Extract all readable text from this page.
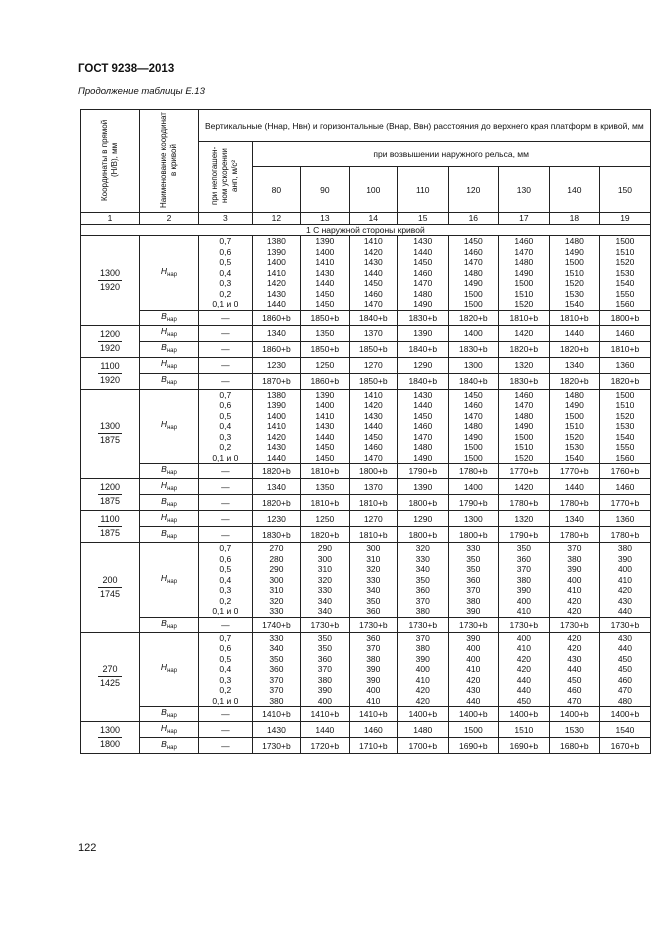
ГОСТ 9238—2013
Продолжение таблицы Е.13
Координаты в прямой (H/B), мм	Наименование координат в кривой	Вертикальные (Hнар, Hвн) и горизонтальные (Bнар, Bвн) расстояния до верхнего края платформ в кривой, мм								
		при непогашен-ном ускорении aнп, м/с²	при возвышении наружного рельса, мм							
			80	90	100	110	120	130	140	150
1	2	3	12	13	14	15	16	17	18	19
1 С наружной стороны кривой										

$\frac{1300}{1920}$	$H_{нар}$	0,7	1380	1390	1410	1430	1450	1460	1480	1500
		0,6	1390	1400	1420	1440	1460	1470	1490	1510
		0,5	1400	1410	1430	1450	1470	1480	1500	1520
		0,4	1410	1430	1440	1460	1480	1490	1510	1530
		0,3	1420	1440	1450	1470	1490	1500	1520	1540
		0,2	1430	1450	1460	1480	1500	1510	1530	1550
		0,1 и 0	1440	1450	1470	1490	1500	1520	1540	1560
	$B_{нар}$	—	1860+b	1850+b	1840+b	1830+b	1820+b	1810+b	1810+b	1800+b

$\frac{1200}{1920}$	$H_{нар}$	—	1340	1350	1370	1390	1400	1420	1440	1460
	$B_{нар}$	—	1860+b	1850+b	1850+b	1840+b	1830+b	1820+b	1820+b	1810+b

$\frac{1100}{1920}$	$H_{нар}$	—	1230	1250	1270	1290	1300	1320	1340	1360
	$B_{нар}$	—	1870+b	1860+b	1850+b	1840+b	1840+b	1830+b	1820+b	1820+b

$\frac{1300}{1875}$	$H_{нар}$	0,7	1380	1390	1410	1430	1450	1460	1480	1500
		0,6	1390	1400	1420	1440	1460	1470	1490	1510
		0,5	1400	1410	1430	1450	1470	1480	1500	1520
		0,4	1410	1430	1440	1460	1480	1490	1510	1530
		0,3	1420	1440	1450	1470	1490	1500	1520	1540
		0,2	1430	1450	1460	1480	1500	1510	1530	1550
		0,1 и 0	1440	1450	1470	1490	1500	1520	1540	1560
	$B_{нар}$	—	1820+b	1810+b	1800+b	1790+b	1780+b	1770+b	1770+b	1760+b

$\frac{1200}{1875}$	$H_{нар}$	—	1340	1350	1370	1390	1400	1420	1440	1460
	$B_{нар}$	—	1820+b	1810+b	1810+b	1800+b	1790+b	1780+b	1780+b	1770+b

$\frac{1100}{1875}$	$H_{нар}$	—	1230	1250	1270	1290	1300	1320	1340	1360
	$B_{нар}$	—	1830+b	1820+b	1810+b	1800+b	1800+b	1790+b	1780+b	1780+b

$\frac{200}{1745}$	$H_{нар}$	0,7	270	290	300	320	330	350	370	380
		0,6	280	300	310	330	350	360	380	390
		0,5	290	310	320	340	350	370	390	400
		0,4	300	320	330	350	360	380	400	410
		0,3	310	330	340	360	370	390	410	420
		0,2	320	340	350	370	380	400	420	430
		0,1 и 0	330	340	360	380	390	410	420	440
	$B_{нар}$	—	1740+b	1730+b	1730+b	1730+b	1730+b	1730+b	1730+b	1730+b

$\frac{270}{1425}$	$H_{нар}$	0,7	330	350	360	370	390	400	420	430
		0,6	340	350	370	380	400	410	420	440
		0,5	350	360	380	390	400	420	430	450
		0,4	360	370	390	400	410	420	440	450
		0,3	370	380	390	410	420	440	450	460
		0,2	370	390	400	420	430	440	460	470
		0,1 и 0	380	400	410	420	440	450	470	480
	$B_{нар}$	—	1410+b	1410+b	1410+b	1400+b	1400+b	1400+b	1400+b	1400+b

$\frac{1300}{1800}$	$H_{нар}$	—	1430	1440	1460	1480	1500	1510	1530	1540
	$B_{нар}$	—	1730+b	1720+b	1710+b	1700+b	1690+b	1690+b	1680+b	1670+b
122
